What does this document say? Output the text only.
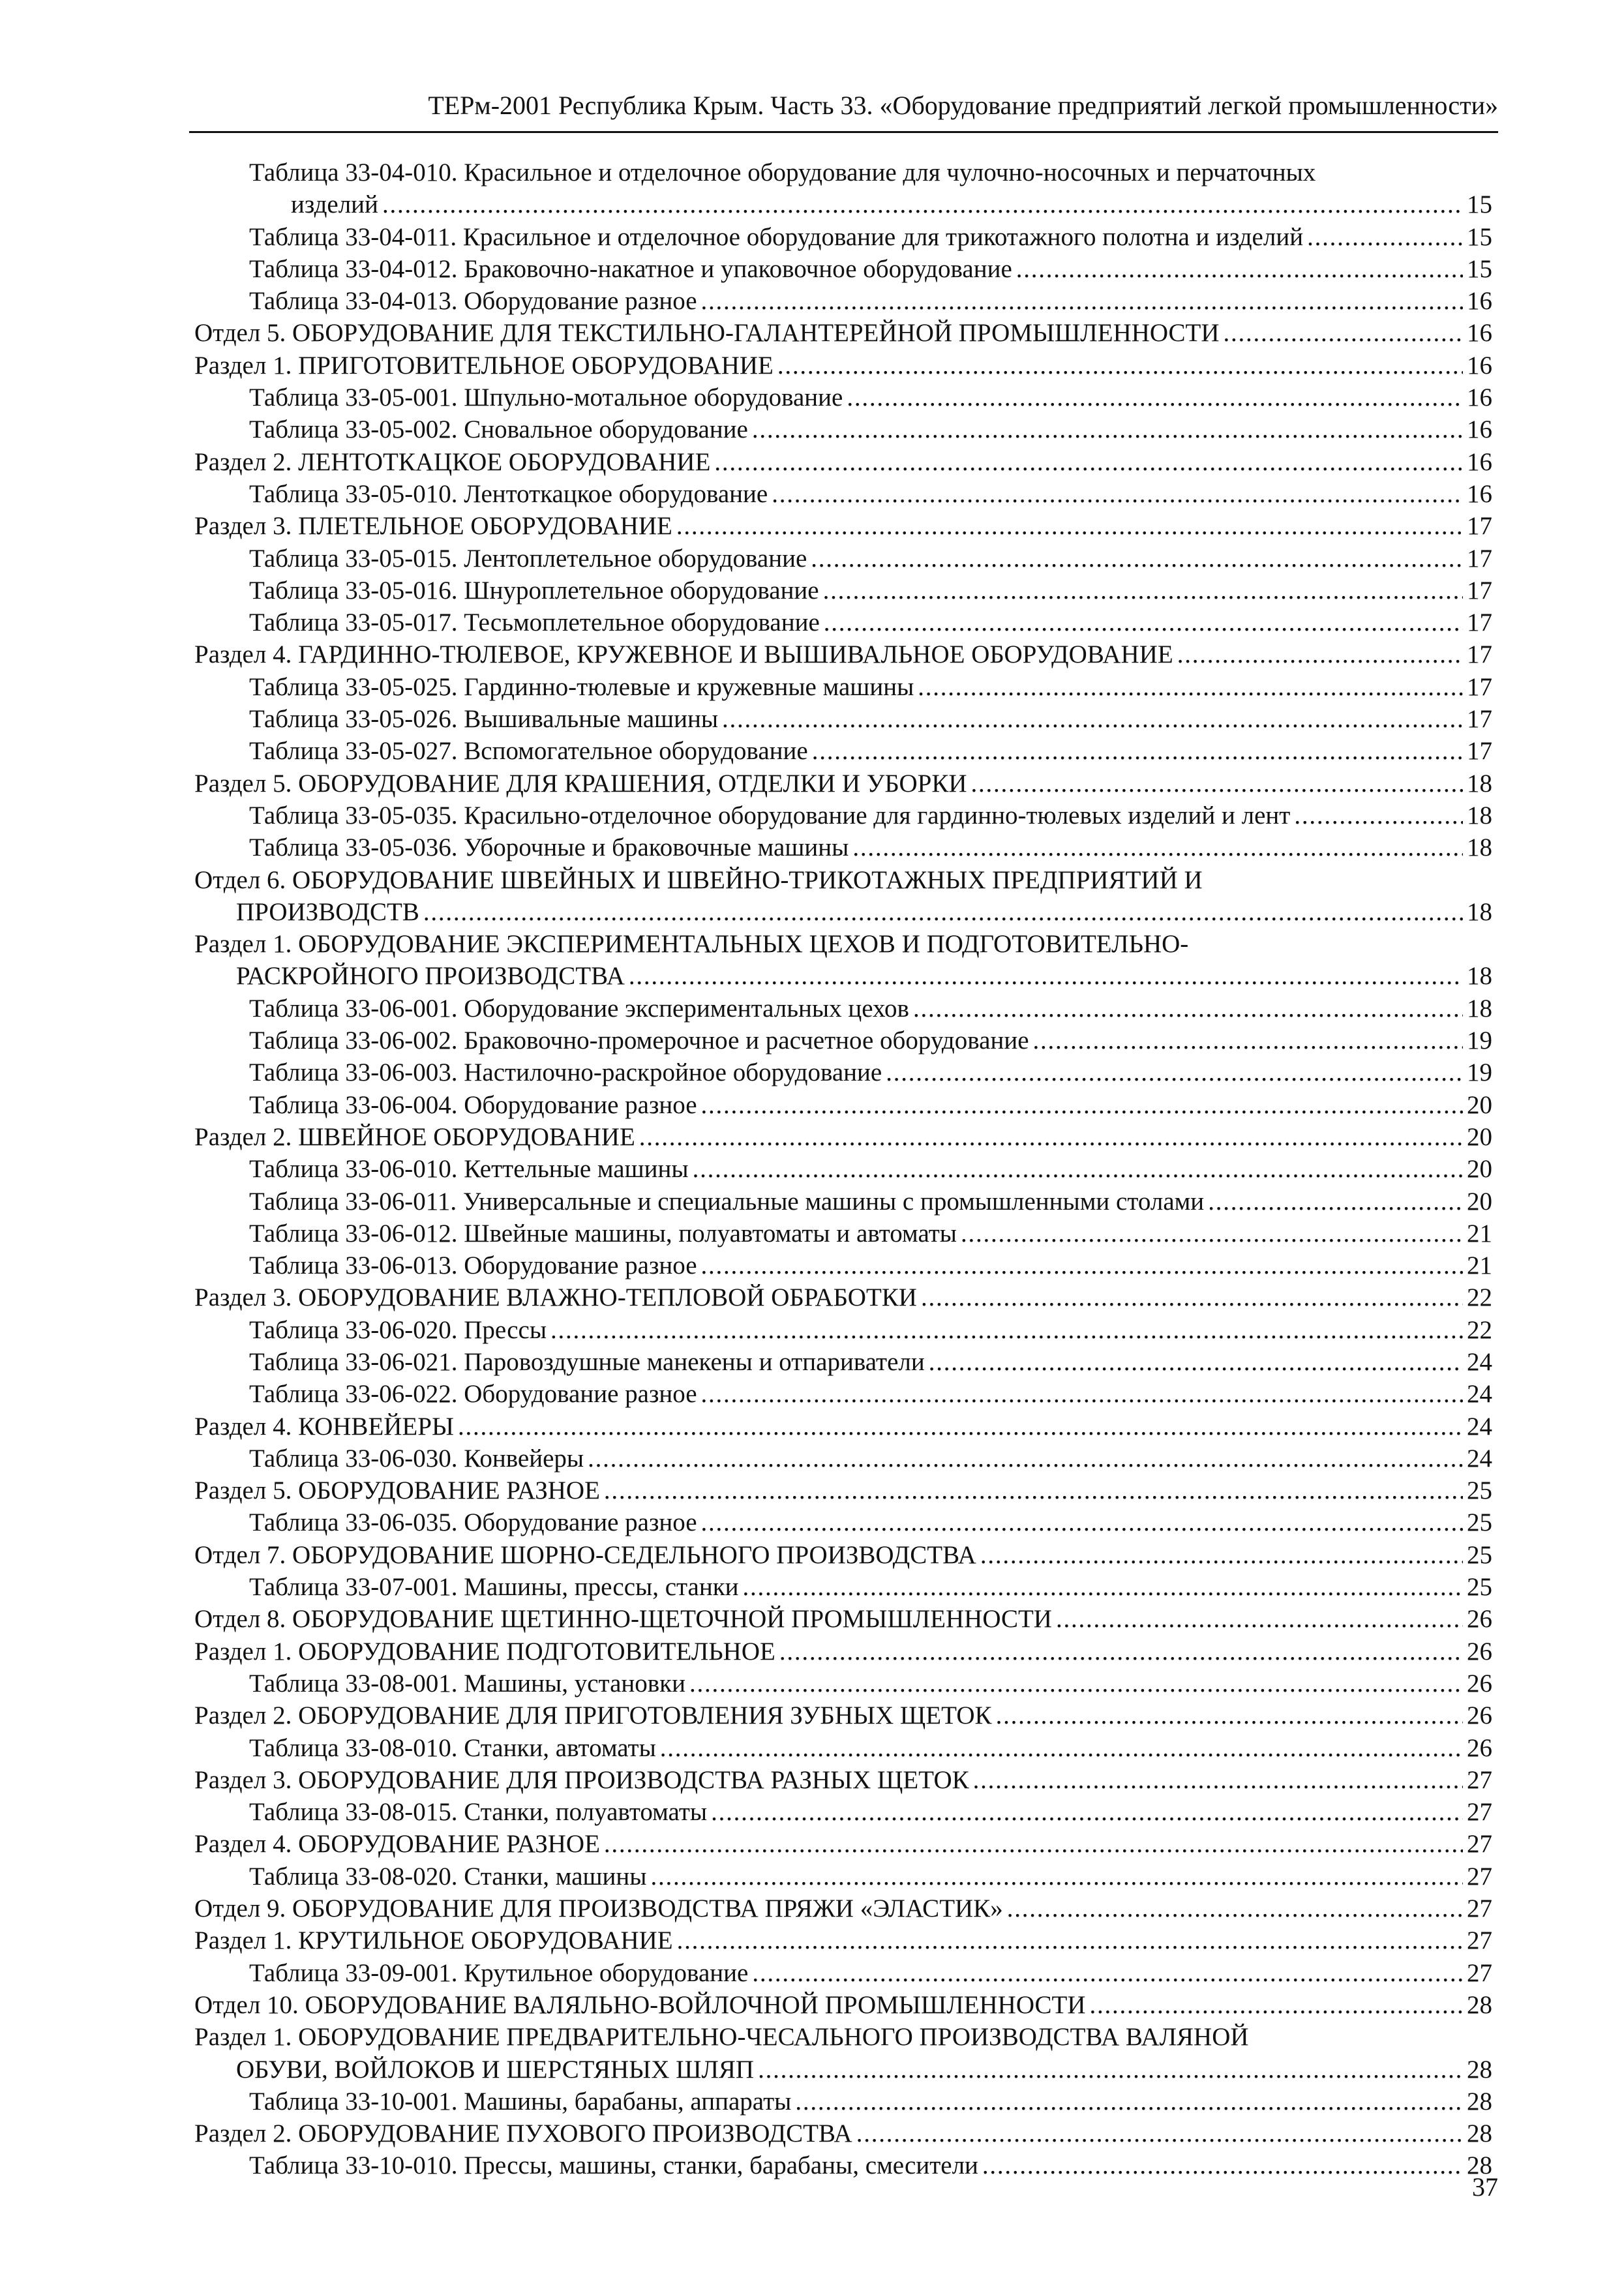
ТЕРм-2001 Республика Крым. Часть 33. «Оборудование предприятий легкой промышленности»
Таблица 33-04-010. Красильное и отделочное оборудование для чулочно-носочных и перчаточных
изделий . . .	15
Таблица 33-04-011. Красильное и отделочное оборудование для трикотажного полотна и изделий . . .	15
Таблица 33-04-012. Браковочно-накатное и упаковочное оборудование . . .	15
Таблица 33-04-013. Оборудование разное . . .	16
Отдел 5. ОБОРУДОВАНИЕ ДЛЯ ТЕКСТИЛЬНО-ГАЛАНТЕРЕЙНОЙ ПРОМЫШЛЕННОСТИ . . .	16
Раздел 1. ПРИГОТОВИТЕЛЬНОЕ ОБОРУДОВАНИЕ . . .	16
Таблица 33-05-001. Шпульно-мотальное оборудование . . .	16
Таблица 33-05-002. Сновальное оборудование . . .	16
Раздел 2. ЛЕНТОТКАЦКОЕ ОБОРУДОВАНИЕ . . .	16
Таблица 33-05-010. Лентоткацкое оборудование . . .	16
Раздел 3. ПЛЕТЕЛЬНОЕ ОБОРУДОВАНИЕ . . .	17
Таблица 33-05-015. Лентоплетельное оборудование . . .	17
Таблица 33-05-016. Шнуроплетельное оборудование . . .	17
Таблица 33-05-017. Тесьмоплетельное оборудование . . .	17
Раздел 4. ГАРДИННО-ТЮЛЕВОЕ, КРУЖЕВНОЕ И ВЫШИВАЛЬНОЕ ОБОРУДОВАНИЕ . . .	17
Таблица 33-05-025. Гардинно-тюлевые и кружевные машины . . .	17
Таблица 33-05-026. Вышивальные машины . . .	17
Таблица 33-05-027. Вспомогательное оборудование . . .	17
Раздел 5. ОБОРУДОВАНИЕ ДЛЯ КРАШЕНИЯ, ОТДЕЛКИ И УБОРКИ . . .	18
Таблица 33-05-035. Красильно-отделочное оборудование для гардинно-тюлевых изделий и лент . . .	18
Таблица 33-05-036. Уборочные и браковочные машины . . .	18
Отдел 6. ОБОРУДОВАНИЕ ШВЕЙНЫХ И ШВЕЙНО-ТРИКОТАЖНЫХ ПРЕДПРИЯТИЙ И
ПРОИЗВОДСТВ . . .	18
Раздел 1. ОБОРУДОВАНИЕ ЭКСПЕРИМЕНТАЛЬНЫХ ЦЕХОВ И ПОДГОТОВИТЕЛЬНО-
РАСКРОЙНОГО ПРОИЗВОДСТВА . . .	18
Таблица 33-06-001. Оборудование экспериментальных цехов . . .	18
Таблица 33-06-002. Браковочно-промерочное и расчетное оборудование . . .	19
Таблица 33-06-003. Настилочно-раскройное оборудование . . .	19
Таблица 33-06-004. Оборудование разное . . .	20
Раздел 2. ШВЕЙНОЕ ОБОРУДОВАНИЕ . . .	20
Таблица 33-06-010. Кеттельные машины . . .	20
Таблица 33-06-011. Универсальные и специальные машины с промышленными столами . . .	20
Таблица 33-06-012. Швейные машины, полуавтоматы и автоматы . . .	21
Таблица 33-06-013. Оборудование разное . . .	21
Раздел 3. ОБОРУДОВАНИЕ ВЛАЖНО-ТЕПЛОВОЙ ОБРАБОТКИ . . .	22
Таблица 33-06-020. Прессы . . .	22
Таблица 33-06-021. Паровоздушные манекены и отпариватели . . .	24
Таблица 33-06-022. Оборудование разное . . .	24
Раздел 4. КОНВЕЙЕРЫ . . .	24
Таблица 33-06-030. Конвейеры . . .	24
Раздел 5. ОБОРУДОВАНИЕ РАЗНОЕ . . .	25
Таблица 33-06-035. Оборудование разное . . .	25
Отдел 7. ОБОРУДОВАНИЕ ШОРНО-СЕДЕЛЬНОГО ПРОИЗВОДСТВА . . .	25
Таблица 33-07-001. Машины, прессы, станки . . .	25
Отдел 8. ОБОРУДОВАНИЕ ЩЕТИННО-ЩЕТОЧНОЙ ПРОМЫШЛЕННОСТИ . . .	26
Раздел 1. ОБОРУДОВАНИЕ ПОДГОТОВИТЕЛЬНОЕ . . .	26
Таблица 33-08-001. Машины, установки . . .	26
Раздел 2. ОБОРУДОВАНИЕ ДЛЯ ПРИГОТОВЛЕНИЯ ЗУБНЫХ ЩЕТОК . . .	26
Таблица 33-08-010. Станки, автоматы . . .	26
Раздел 3. ОБОРУДОВАНИЕ ДЛЯ ПРОИЗВОДСТВА РАЗНЫХ ЩЕТОК . . .	27
Таблица 33-08-015. Станки, полуавтоматы . . .	27
Раздел 4. ОБОРУДОВАНИЕ РАЗНОЕ . . .	27
Таблица 33-08-020. Станки, машины . . .	27
Отдел 9. ОБОРУДОВАНИЕ ДЛЯ ПРОИЗВОДСТВА ПРЯЖИ «ЭЛАСТИК» . . .	27
Раздел 1. КРУТИЛЬНОЕ ОБОРУДОВАНИЕ . . .	27
Таблица 33-09-001. Крутильное оборудование . . .	27
Отдел 10. ОБОРУДОВАНИЕ ВАЛЯЛЬНО-ВОЙЛОЧНОЙ ПРОМЫШЛЕННОСТИ . . .	28
Раздел 1. ОБОРУДОВАНИЕ ПРЕДВАРИТЕЛЬНО-ЧЕСАЛЬНОГО ПРОИЗВОДСТВА ВАЛЯНОЙ
ОБУВИ, ВОЙЛОКОВ И ШЕРСТЯНЫХ ШЛЯП . . .	28
Таблица 33-10-001. Машины, барабаны, аппараты . . .	28
Раздел 2. ОБОРУДОВАНИЕ ПУХОВОГО ПРОИЗВОДСТВА . . .	28
Таблица 33-10-010. Прессы, машины, станки, барабаны, смесители . . .	28
37
